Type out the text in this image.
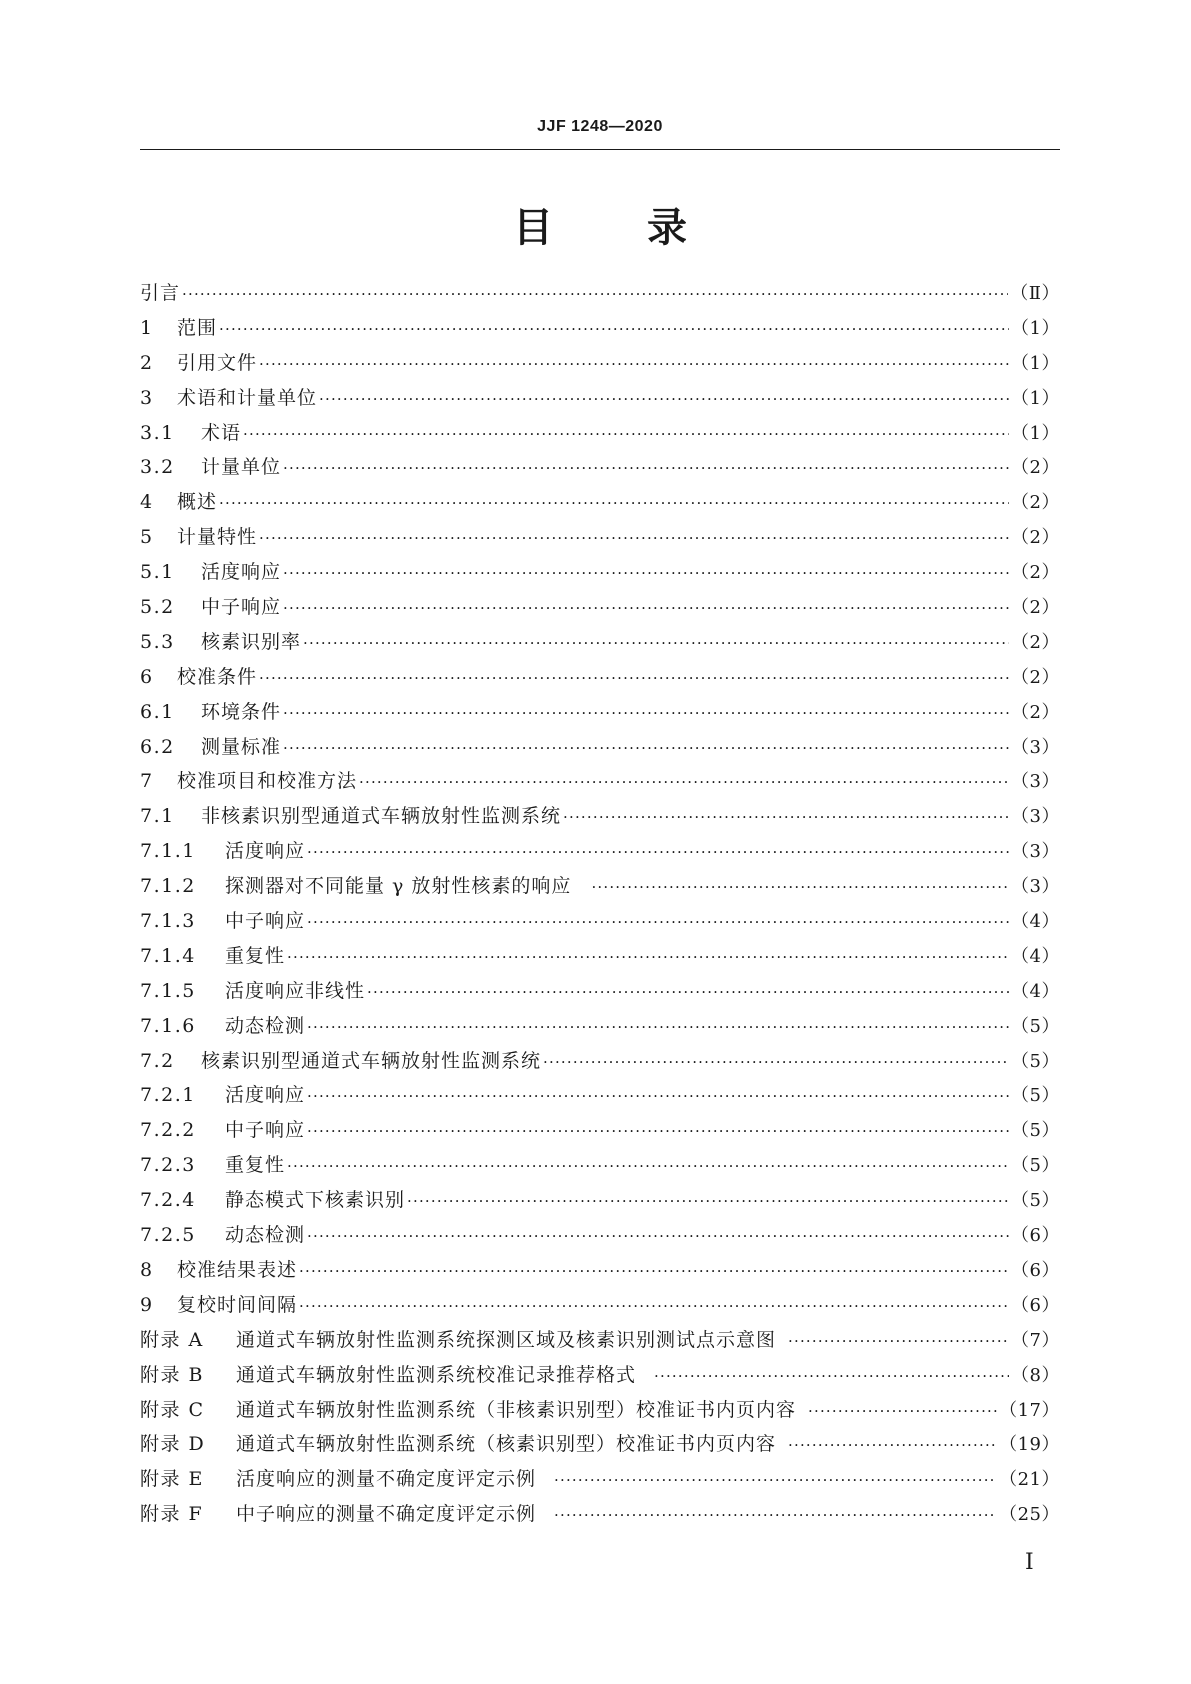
JJF 1248—2020
目 录
引言 ·····	（Ⅱ）
1	范围 ·····	（1）
2	引用文件 ·····	（1）
3	术语和计量单位 ·····	（1）
3.1	术语 ·····	（1）
3.2	计量单位 ·····	（2）
4	概述 ·····	（2）
5	计量特性 ·····	（2）
5.1	活度响应 ·····	（2）
5.2	中子响应 ·····	（2）
5.3	核素识别率 ·····	（2）
6	校准条件 ·····	（2）
6.1	环境条件 ·····	（2）
6.2	测量标准 ·····	（3）
7	校准项目和校准方法 ·····	（3）
7.1	非核素识别型通道式车辆放射性监测系统 ·····	（3）
7.1.1	活度响应 ·····	（3）
7.1.2	探测器对不同能量 γ 放射性核素的响应 ·····	（3）
7.1.3	中子响应 ·····	（4）
7.1.4	重复性 ·····	（4）
7.1.5	活度响应非线性 ·····	（4）
7.1.6	动态检测 ·····	（5）
7.2	核素识别型通道式车辆放射性监测系统 ·····	（5）
7.2.1	活度响应 ·····	（5）
7.2.2	中子响应 ·····	（5）
7.2.3	重复性 ·····	（5）
7.2.4	静态模式下核素识别 ·····	（5）
7.2.5	动态检测 ·····	（6）
8	校准结果表述 ·····	（6）
9	复校时间间隔 ·····	（6）
附录 A	通道式车辆放射性监测系统探测区域及核素识别测试点示意图 ·····	（7）
附录 B	通道式车辆放射性监测系统校准记录推荐格式 ·····	（8）
附录 C	通道式车辆放射性监测系统（非核素识别型）校准证书内页内容 ·····	（17）
附录 D	通道式车辆放射性监测系统（核素识别型）校准证书内页内容 ·····	（19）
附录 E	活度响应的测量不确定度评定示例 ·····	（21）
附录 F	中子响应的测量不确定度评定示例 ·····	（25）
I
